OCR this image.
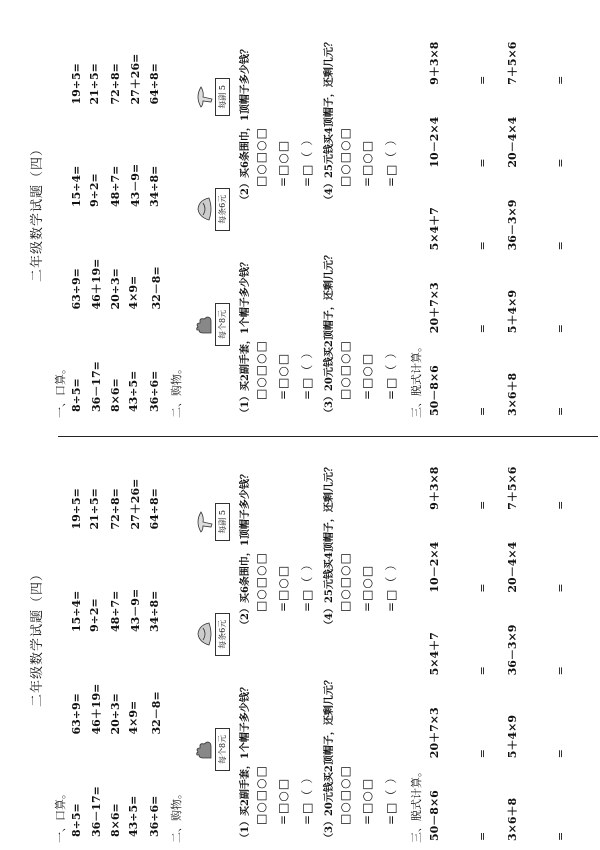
二年级数学试题（四）
一、口算。 8÷5=
63÷9=
15÷4=
19÷5=
36－17=
46＋19=
9÷2=
21÷5=
8×6=
20÷3=
48÷7=
72÷8=
43÷5=
4×9=
43－9=
27＋26=
36÷6=
32－8=
34÷8=
64÷8=
二、购物。
每个8元
每条6元
每副 5
（1）买2副手套，1个帽子多少钱？ □○□○□ =□○□ =□（ ）
（2）买6条围巾，1顶帽子多少钱？ □○□○□ =□○□ =□（ ）
（3）20元钱买2顶帽子，还剩几元？ □○□○□ =□○□ =□（ ）
（4）25元钱买4顶帽子，还剩几元？ □○□○□ =□○□ =□（ ）
三、脱式计算。 50－8×6
20＋7×3
5×4＋7
10－2×4
9＋3×8
=
=
=
=
=
3×6＋8
5＋4×9
36－3×9
20－4×4
7＋5×6
=
=
=
=
=
二年级数学试题（四）
一、口算。 8÷5=
63÷9=
15÷4=
19÷5=
36－17=
46＋19=
9÷2=
21÷5=
8×6=
20÷3=
48÷7=
72÷8=
43÷5=
4×9=
43－9=
27＋26=
36÷6=
32－8=
34÷8=
64÷8=
二、购物。
每个8元
每条6元
每副 5
（1）买2副手套，1个帽子多少钱？ □○□○□ =□○□ =□（ ）
（2）买6条围巾，1顶帽子多少钱？ □○□○□ =□○□ =□（ ）
（3）20元钱买2顶帽子，还剩几元？ □○□○□ =□○□ =□（ ）
（4）25元钱买4顶帽子，还剩几元？ □○□○□ =□○□ =□（ ）
三、脱式计算。 50－8×6
20＋7×3
5×4＋7
10－2×4
9＋3×8
=
=
=
=
=
3×6＋8
5＋4×9
36－3×9
20－4×4
7＋5×6
=
=
=
=
=
